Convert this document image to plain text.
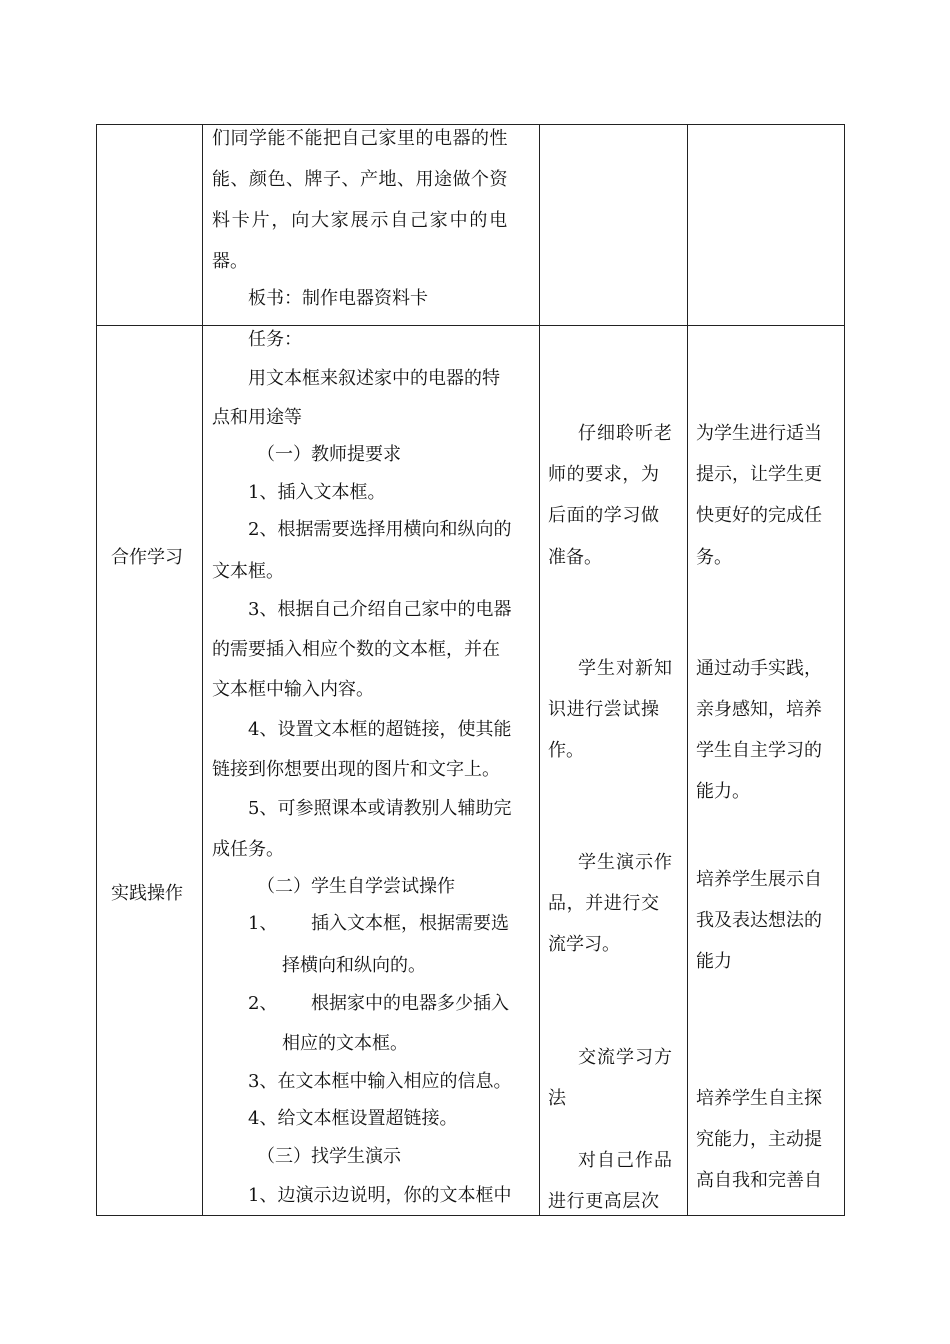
们同学能不能把自己家里的电器的性
能、颜色、牌子、产地、用途做个资
料卡片，向大家展示自己家中的电
器。
板书：制作电器资料卡
合作学习
实践操作
任务：
用文本框来叙述家中的电器的特
点和用途等
（一）教师提要求
1、插入文本框。
2、根据需要选择用横向和纵向的
文本框。
3、根据自己介绍自己家中的电器
的需要插入相应个数的文本框，并在
文本框中输入内容。
4、设置文本框的超链接，使其能
链接到你想要出现的图片和文字上。
5、可参照课本或请教别人辅助完
成任务。
（二）学生自学尝试操作
1、 插入文本框，根据需要选
择横向和纵向的。
2、 根据家中的电器多少插入
相应的文本框。
3、在文本框中输入相应的信息。
4、给文本框设置超链接。
（三）找学生演示
1、边演示边说明，你的文本框中
仔细聆听老
师的要求，为
后面的学习做
准备。
学生对新知
识进行尝试操
作。
学生演示作
品，并进行交
流学习。
交流学习方
法
对自己作品
进行更高层次
为学生进行适当
提示，让学生更
快更好的完成任
务。
通过动手实践，
亲身感知，培养
学生自主学习的
能力。
培养学生展示自
我及表达想法的
能力
培养学生自主探
究能力，主动提
高自我和完善自
